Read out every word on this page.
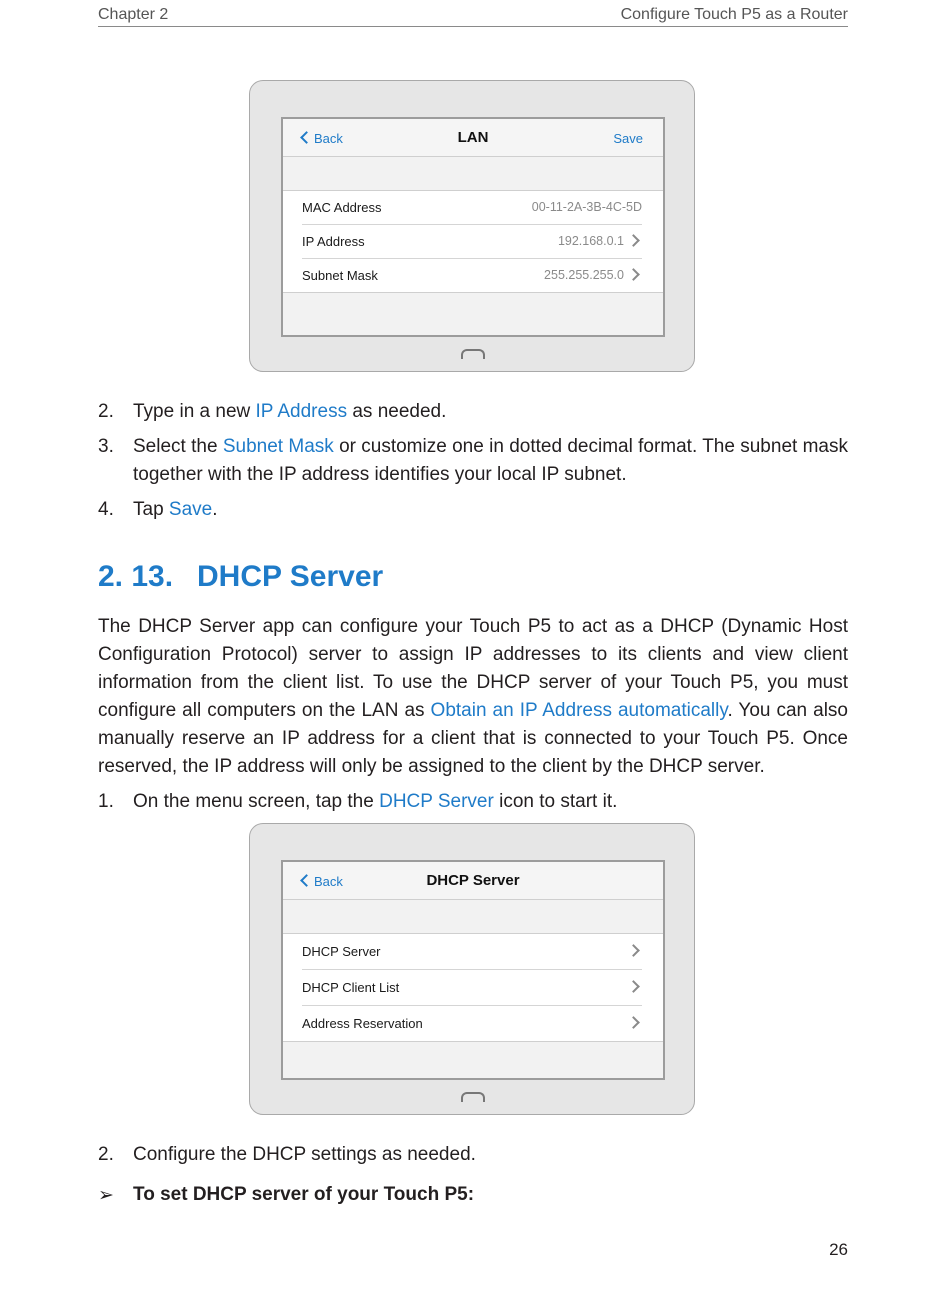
Chapter 2	Configure Touch P5 as a Router
Back	LAN	Save
MAC Address	00-11-2A-3B-4C-5D
IP Address	192.168.0.1
Subnet Mask	255.255.255.0
2. Type in a new IP Address as needed.
3. Select the Subnet Mask or customize one in dotted decimal format. The subnet mask together with the IP address identifies your local IP subnet.
4. Tap Save.
2. 13. DHCP Server
The DHCP Server app can configure your Touch P5 to act as a DHCP (Dynamic Host Configuration Protocol) server to assign IP addresses to its clients and view client information from the client list. To use the DHCP server of your Touch P5, you must configure all computers on the LAN as Obtain an IP Address automatically. You can also manually reserve an IP address for a client that is connected to your Touch P5. Once reserved, the IP address will only be assigned to the client by the DHCP server.
1. On the menu screen, tap the DHCP Server icon to start it.
Back	DHCP Server
DHCP Server
DHCP Client List
Address Reservation
2. Configure the DHCP settings as needed.
➢ To set DHCP server of your Touch P5:
26
